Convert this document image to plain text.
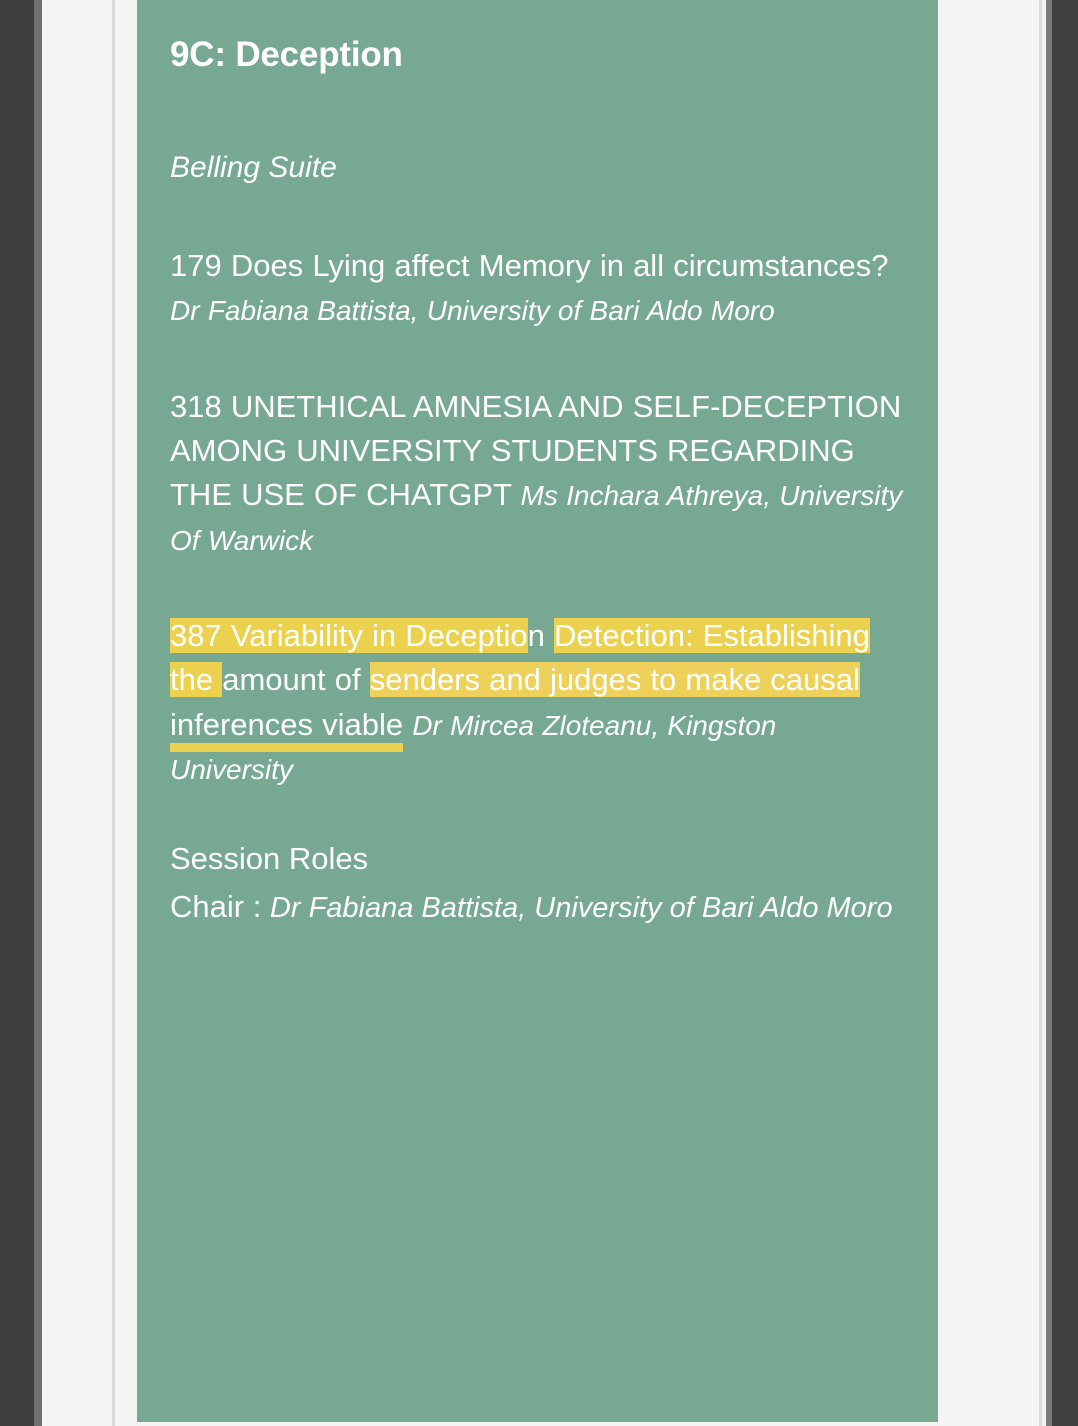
9C: Deception
Belling Suite
179 Does Lying affect Memory in all circumstances? Dr Fabiana Battista, University of Bari Aldo Moro
318 UNETHICAL AMNESIA AND SELF-DECEPTION AMONG UNIVERSITY STUDENTS REGARDING THE USE OF CHATGPT Ms Inchara Athreya, University Of Warwick
387 Variability in Deception Detection: Establishing the amount of senders and judges to make causal inferences viable Dr Mircea Zloteanu, Kingston University
Session Roles
Chair : Dr Fabiana Battista, University of Bari Aldo Moro
